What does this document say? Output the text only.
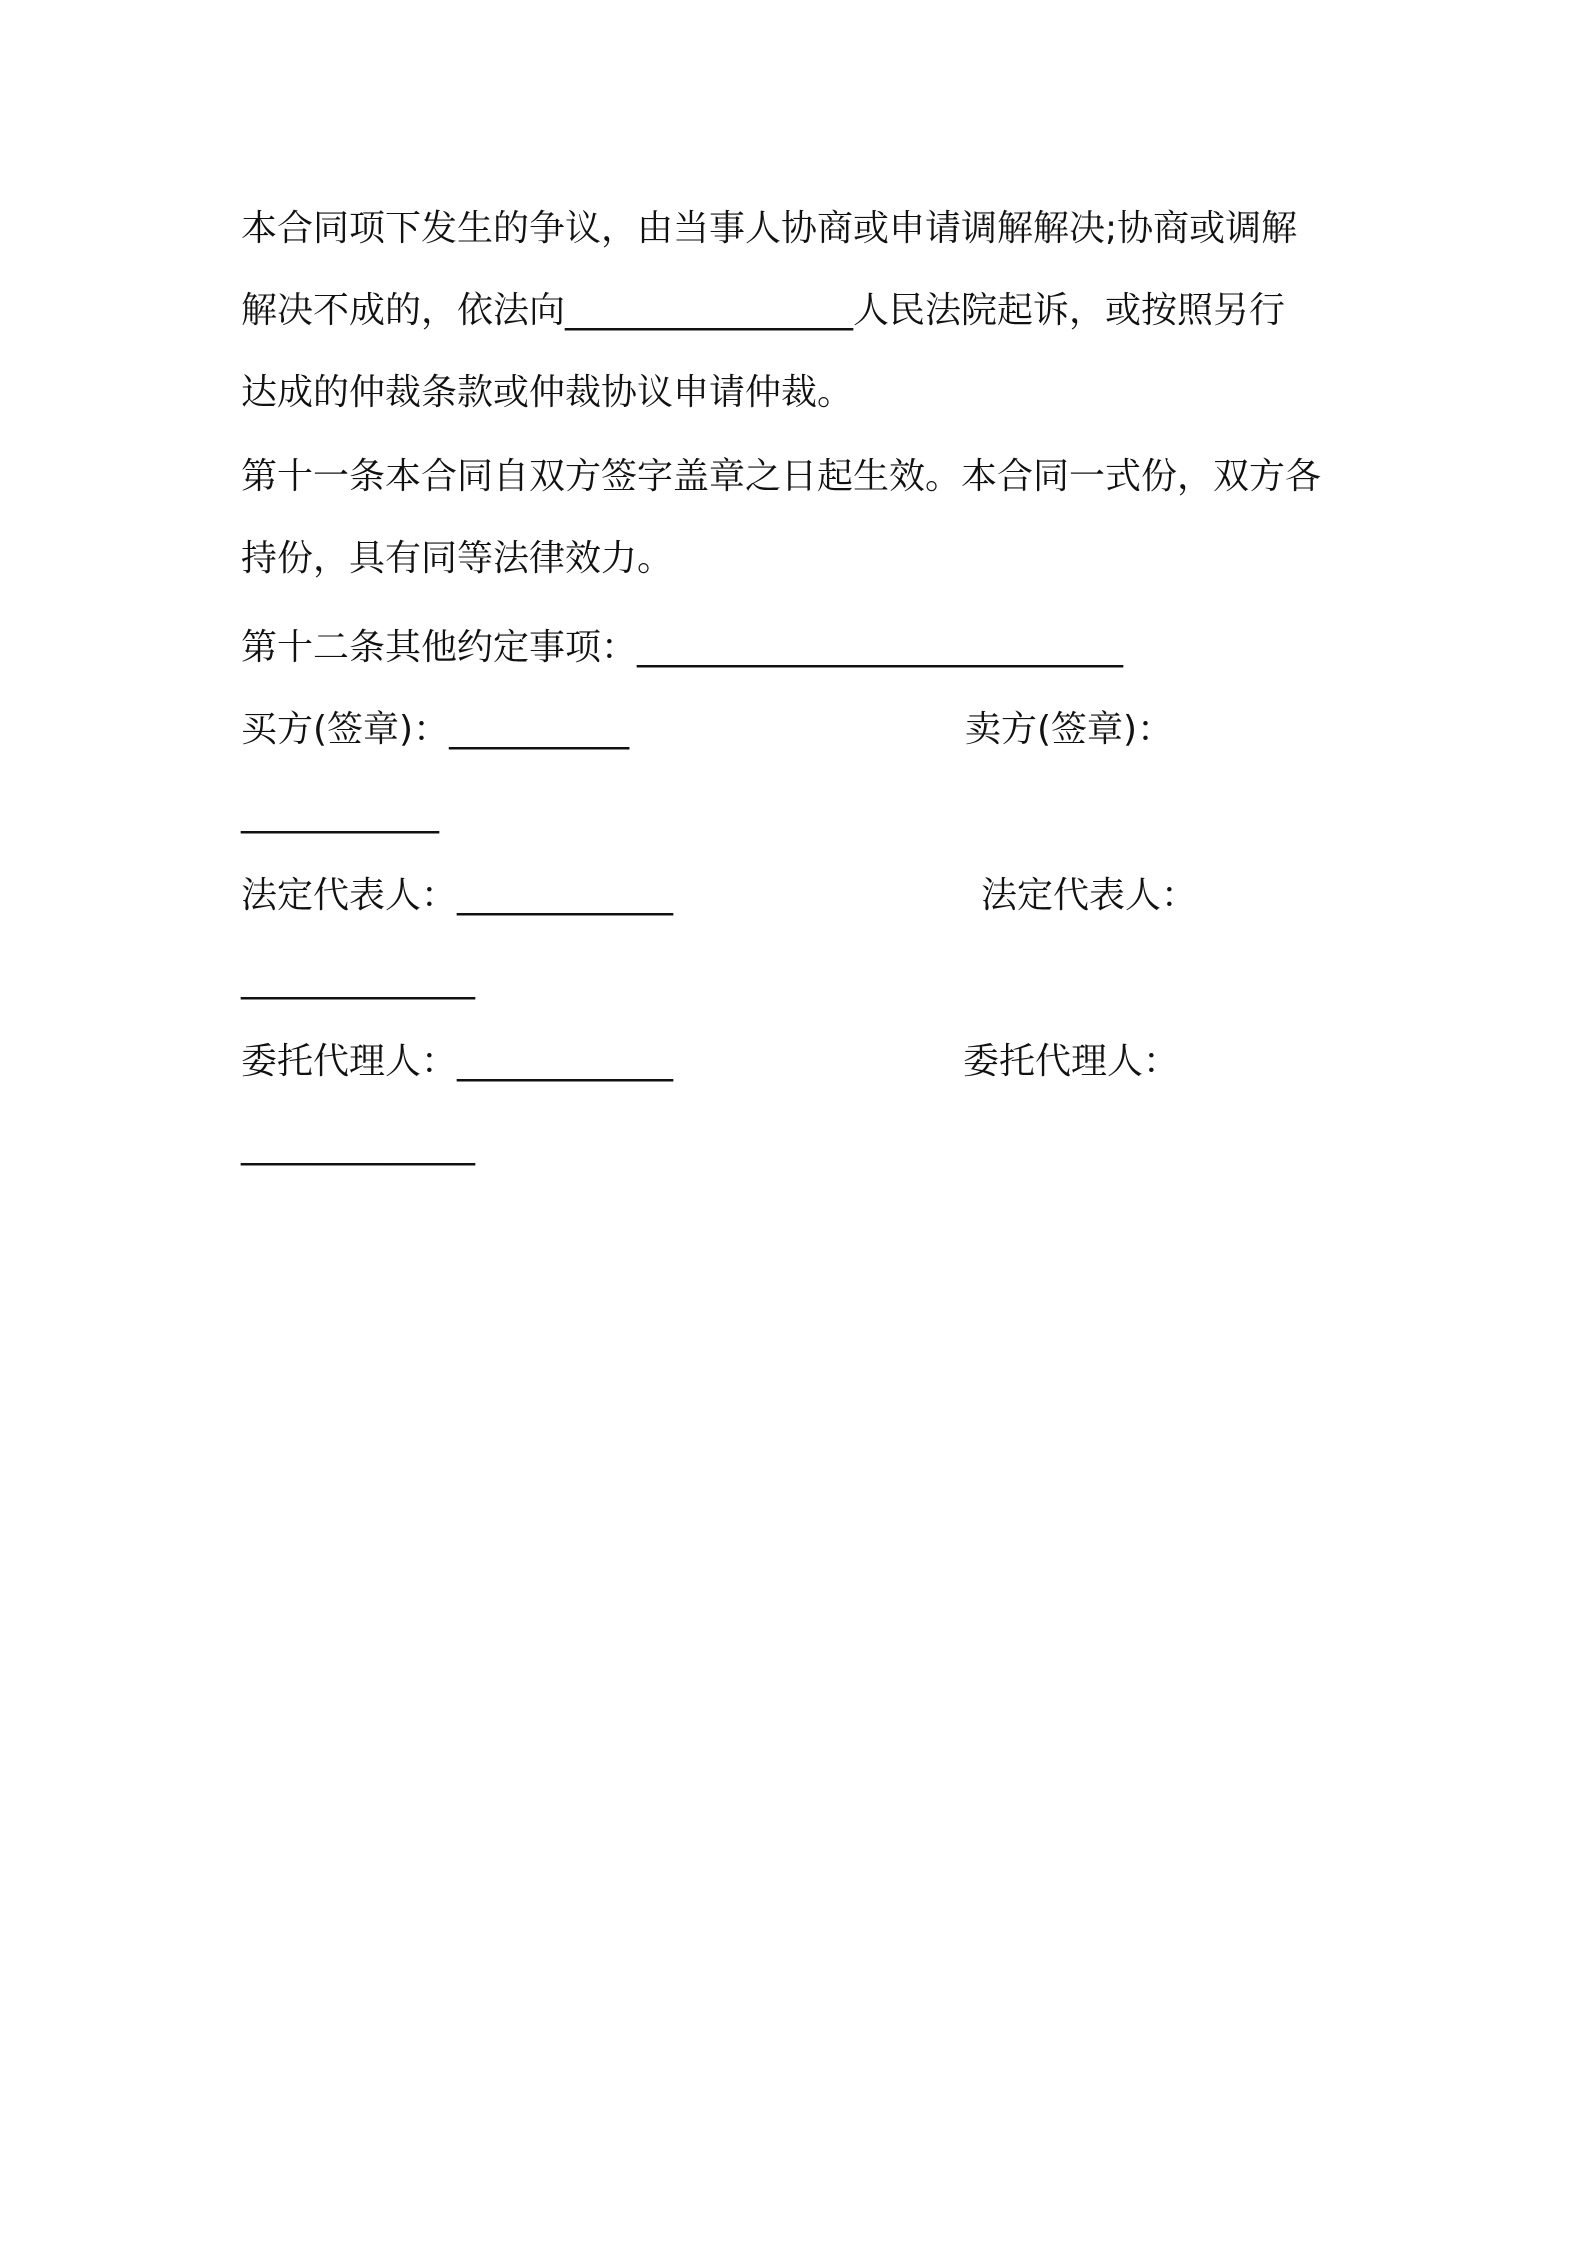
本合同项下发生的争议，由当事人协商或申请调解解决;协商或调解
解决不成的，依法向________________人民法院起诉，或按照另行
达成的仲裁条款或仲裁协议申请仲裁。
第十一条本合同自双方签字盖章之日起生效。本合同一式份，双方各
持份，具有同等法律效力。
第十二条其他约定事项：___________________________
买方(签章)：__________	卖方(签章)：
___________
法定代表人：____________	法定代表人：
_____________
委托代理人：____________	委托代理人：
_____________
